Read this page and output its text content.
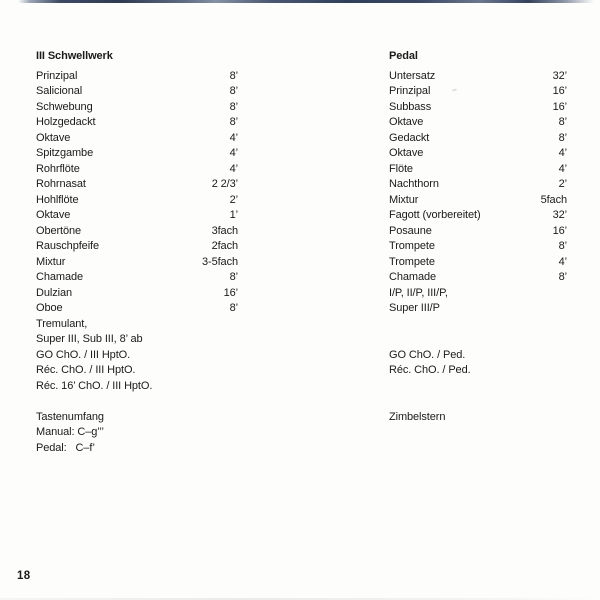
III Schwellwerk
Prinzipal	8’
Salicional	8’
Schwebung	8’
Holzgedackt	8’
Oktave	4’
Spitzgambe	4’
Rohrflöte	4’
Rohrnasat	2 2/3’
Hohlflöte	2’
Oktave	1’
Obertöne	3fach
Rauschpfeife	2fach
Mixtur	3-5fach
Chamade	8’
Dulzian	16’
Oboe	8’
Tremulant,
Super III, Sub III, 8’ ab
GO ChO. / III HptO.
Réc. ChO. / III HptO.
Réc. 16’ ChO. / III HptO.
Tastenumfang
Manual: C–g’’’
Pedal:   C–f’
Pedal
Untersatz	32’
Prinzipal	16’
Subbass	16’
Oktave	8’
Gedackt	8’
Oktave	4’
Flöte	4’
Nachthorn	2’
Mixtur	5fach
Fagott (vorbereitet)	32’
Posaune	16’
Trompete	8’
Trompete	4’
Chamade	8’
I/P, II/P, III/P,
Super III/P
GO ChO. / Ped.
Réc. ChO. / Ped.
Zimbelstern
18
